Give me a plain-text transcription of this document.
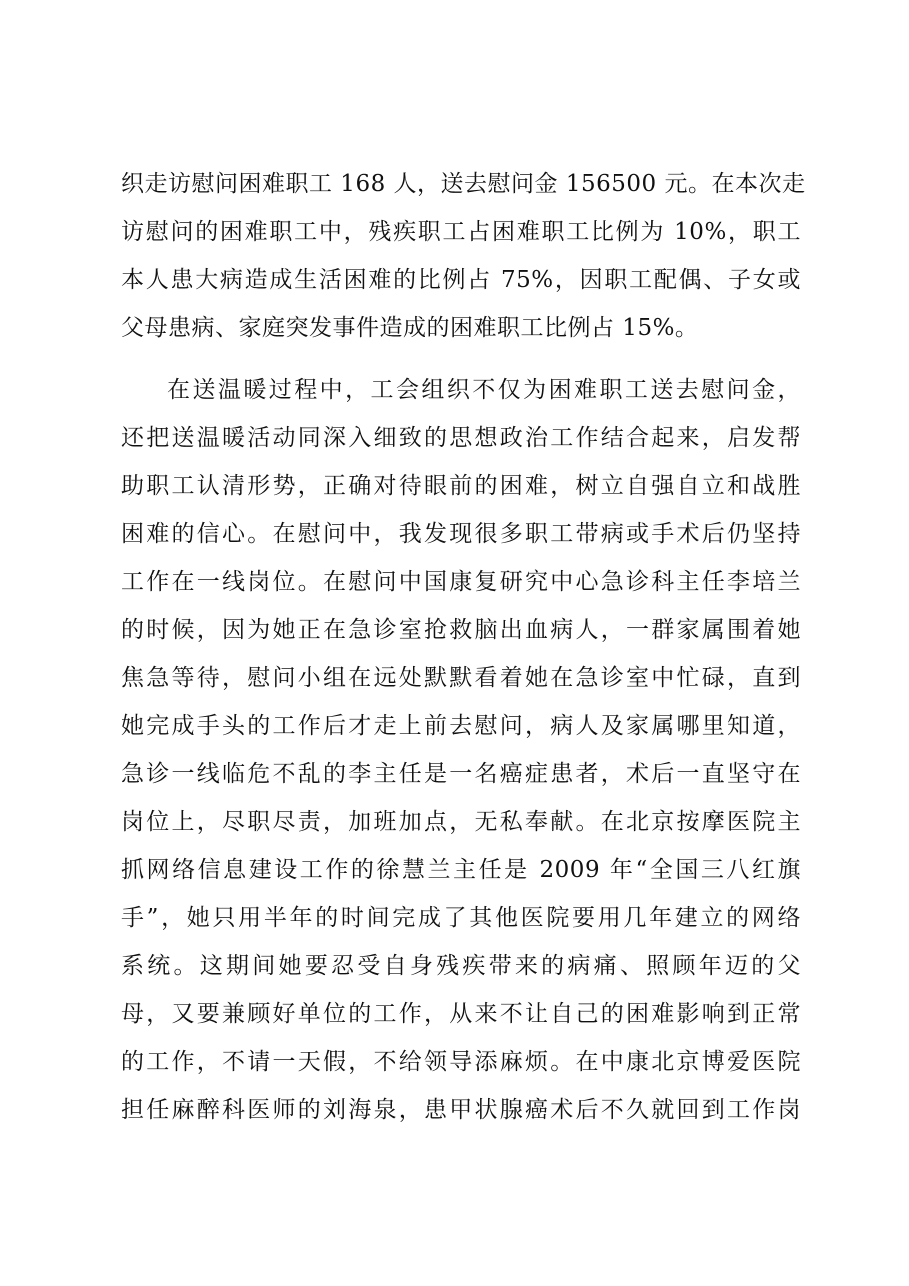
织走访慰问困难职工 168 人，送去慰问金 156500 元。在本次走
访慰问的困难职工中，残疾职工占困难职工比例为 10%，职工
本人患大病造成生活困难的比例占 75%，因职工配偶、子女或
父母患病、家庭突发事件造成的困难职工比例占 15%。
在送温暖过程中，工会组织不仅为困难职工送去慰问金，
还把送温暖活动同深入细致的思想政治工作结合起来，启发帮
助职工认清形势，正确对待眼前的困难，树立自强自立和战胜
困难的信心。在慰问中，我发现很多职工带病或手术后仍坚持
工作在一线岗位。在慰问中国康复研究中心急诊科主任李培兰
的时候，因为她正在急诊室抢救脑出血病人，一群家属围着她
焦急等待，慰问小组在远处默默看着她在急诊室中忙碌，直到
她完成手头的工作后才走上前去慰问，病人及家属哪里知道，
急诊一线临危不乱的李主任是一名癌症患者，术后一直坚守在
岗位上，尽职尽责，加班加点，无私奉献。在北京按摩医院主
抓网络信息建设工作的徐慧兰主任是 2009 年“全国三八红旗
手”，她只用半年的时间完成了其他医院要用几年建立的网络
系统。这期间她要忍受自身残疾带来的病痛、照顾年迈的父
母，又要兼顾好单位的工作，从来不让自己的困难影响到正常
的工作，不请一天假，不给领导添麻烦。在中康北京博爱医院
担任麻醉科医师的刘海泉，患甲状腺癌术后不久就回到工作岗
